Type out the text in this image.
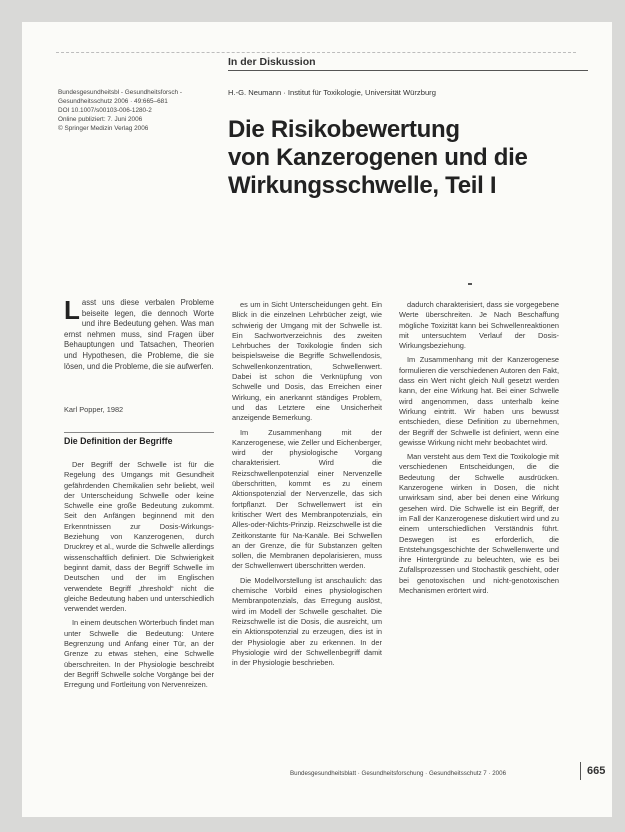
In der Diskussion
Bundesgesundheitsbl - Gesundheitsforsch -
Gesundheitsschutz 2006 · 49:665–681
DOI 10.1007/s00103-006-1280-2
Online publiziert: 7. Juni 2006
© Springer Medizin Verlag 2006
H.-G. Neumann · Institut für Toxikologie, Universität Würzburg
Die Risikobewertung
von Kanzerogenen und die
Wirkungsschwelle, Teil I
Lasst uns diese verbalen Probleme beiseite legen, die dennoch Worte und ihre Bedeutung gehen. Was man ernst nehmen muss, sind Fragen über Behauptungen und Tatsachen, Theorien und Hypothesen, die Probleme, die sie lösen, und die Probleme, die sie aufwerfen.
Karl Popper, 1982
Die Definition der Begriffe

Der Begriff der Schwelle ist für die Regelung des Umgangs mit Gesundheit gefährdenden Chemikalien sehr beliebt, weil der Unterscheidung Schwelle oder keine Schwelle eine große Bedeutung zukommt. Seit den Anfängen beginnend mit den Erkenntnissen zur Dosis-Wirkungs-Beziehung von Kanzerogenen, durch Druckrey et al., wurde die Schwelle allerdings wissenschaftlich definiert. Die Schwierigkeit beginnt damit, dass der Begriff Schwelle im Deutschen und der im Englischen verwendete Begriff „threshold“ nicht die gleiche Bedeutung haben und unterschiedlich verwendet werden.

In einem deutschen Wörterbuch findet man unter Schwelle die Bedeutung: Untere Begrenzung und Anfang einer Tür, an der Grenze zu etwas stehen, eine Schwelle überschreiten. In der Physiologie beschreibt der Begriff Schwelle solche Vorgänge bei der Erregung und Fortleitung von Nervenreizen.

es um in Sicht Unterscheidungen geht. Ein Blick in die einzelnen Lehrbücher zeigt, wie schwierig der Umgang mit der Schwelle ist. Ein Sachwortverzeichnis des zweiten Lehrbuches der Toxikologie finden sich beispielsweise die Begriffe Schwellendosis, Schwellenkonzentration, Schwellenwert. Dabei ist schon die Verknüpfung von Schwelle und Dosis, das Erreichen einer Wirkung, ein anerkannt ständiges Problem, und das Letztere eine Unsicherheit anzeigende Bemerkung.

Im Zusammenhang mit der Kanzerogenese, wie Zeller und Eichenberger, wird der physiologische Vorgang charakterisiert. Wird die Reizschwellenpotenzial einer Nervenzelle überschritten, kommt es zu einem Aktionspotenzial der Nervenzelle, das sich fortpflanzt. Der Schwellenwert ist ein kritischer Wert des Membranpotenzials, ein Alles-oder-Nichts-Prinzip. Reizschwelle ist die Zeitkonstante für Na-Kanäle. Bei Schwellen an der Grenze, die für Substanzen gelten sollen, die Membranen depolarisieren, muss der Schwellenwert überschritten werden.

Die Modellvorstellung ist anschaulich: das chemische Vorbild eines physiologischen Membranpotenzials, das Erregung auslöst, wird im Modell der Schwelle geschaltet. Die Reizschwelle ist die Dosis, die ausreicht, um ein Aktionspotenzial zu erzeugen, dies ist in der Physiologie aber zu erkennen. In der Physiologie wird der Schwellenbegriff damit in der Physiologie beschrieben.

dadurch charakterisiert, dass sie vorgegebene Werte überschreiten. Je Nach Beschaffung mögliche Toxizität kann bei Schwellenreaktionen mit untersuchtem Verlauf der Dosis-Wirkungsbeziehung.

Im Zusammenhang mit der Kanzerogenese formulieren die verschiedenen Autoren den Fakt, dass ein Wert nicht gleich Null gesetzt werden kann, der eine Wirkung hat. Bei einer Schwelle wird angenommen, dass unterhalb keine Wirkung eintritt. Wir haben uns bewusst entschieden, diese Definition zu übernehmen, der Begriff der Schwelle ist definiert, wenn eine gewisse Wirkung nicht mehr beobachtet wird.

Man versteht aus dem Text die Toxikologie mit verschiedenen Entscheidungen, die die Bedeutung der Schwelle ausdrücken. Kanzerogene wirken in Dosen, die nicht unwirksam sind, aber bei denen eine Wirkung gesehen wird. Die Schwelle ist ein Begriff, der im Fall der Kanzerogenese diskutiert wird und zu einem unterschiedlichen Verständnis führt. Deswegen ist es erforderlich, die Entstehungsgeschichte der Schwellenwerte und ihre Hintergründe zu beleuchten, wie es bei Zufallsprozessen und Stochastik geschieht, oder bei genotoxischen und nicht-genotoxischen Mechanismen erörtert wird.

Bundesgesundheitsblatt · Gesundheitsforschung · Gesundheitsschutz 7 · 2006	665
